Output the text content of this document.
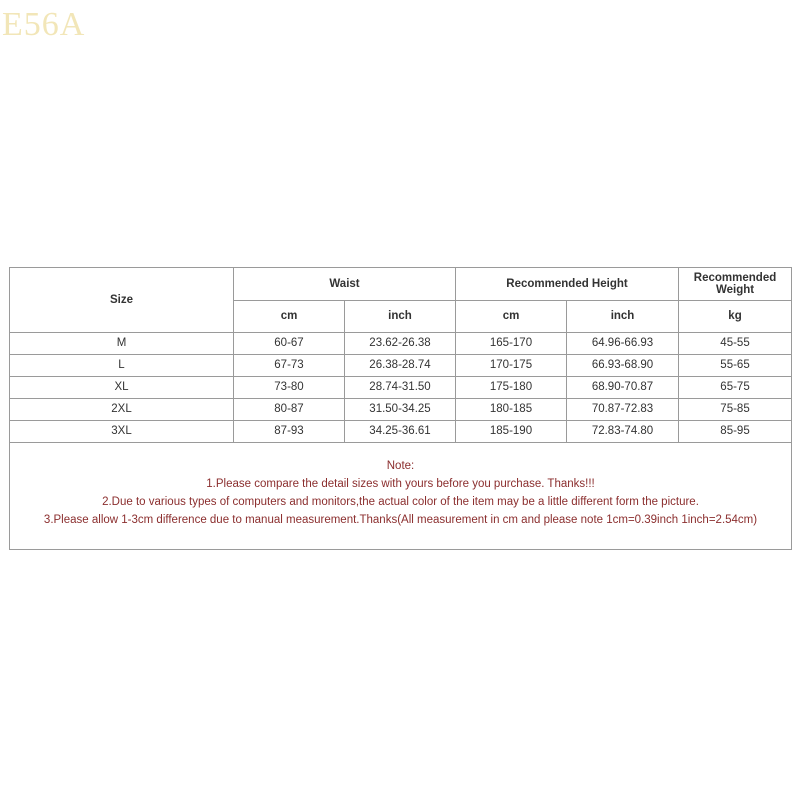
E56A
Size	Waist		Recommended Height		Recommended Weight
	cm	inch	cm	inch	kg
M	60-67	23.62-26.38	165-170	64.96-66.93	45-55
L	67-73	26.38-28.74	170-175	66.93-68.90	55-65
XL	73-80	28.74-31.50	175-180	68.90-70.87	65-75
2XL	80-87	31.50-34.25	180-185	70.87-72.83	75-85
3XL	87-93	34.25-36.61	185-190	72.83-74.80	85-95

Note:
1.Please compare the detail sizes with yours before you purchase. Thanks!!!
2.Due to various types of computers and monitors,the actual color of the item may be a little different form the picture.
3.Please allow 1-3cm difference due to manual measurement.Thanks(All measurement in cm and please note 1cm=0.39inch 1inch=2.54cm)					
